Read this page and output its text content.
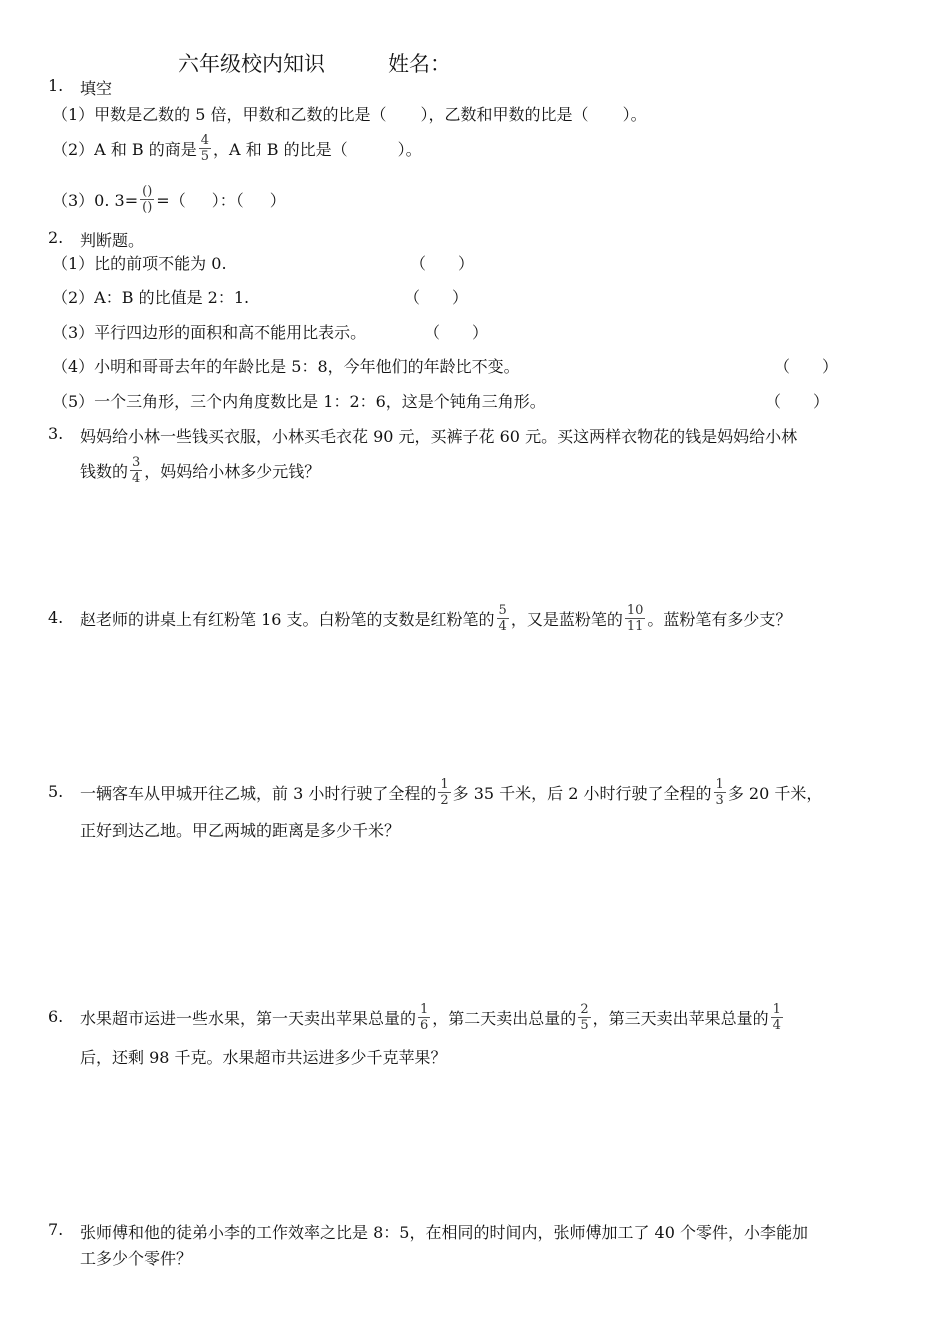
六年级校内知识	姓名：
1. 填空
（1）甲数是乙数的 5 倍，甲数和乙数的比是（ ），乙数和甲数的比是（ ）。
（2）A 和 B 的商是 4
5 ，A 和 B 的比是（	）。
（3）0. 3= ()
() =（ ）：（ ）
2. 判断题。
（1）比的前项不能为 0.	（　　）
（2）A：B 的比值是 2：1.	（　　）
（3）平行四边形的面积和高不能用比表示。	（　　）
（4）小明和哥哥去年的年龄比是 5：8，今年他们的年龄比不变。	（　　）
（5）一个三角形，三个内角度数比是 1：2：6，这是个钝角三角形。	（　　）
3. 妈妈给小林一些钱买衣服，小林买毛衣花 90 元，买裤子花 60 元。买这两样衣物花的钱是妈妈给小林
钱数的 3
4 ，妈妈给小林多少元钱？
4. 赵老师的讲桌上有红粉笔 16 支。白粉笔的支数是红粉笔的 5
4 ，又是蓝粉笔的 10
11 。蓝粉笔有多少支？
5. 一辆客车从甲城开往乙城，前 3 小时行驶了全程的 1
2 多 35 千米，后 2 小时行驶了全程的 1
3 多 20 千米，
正好到达乙地。甲乙两城的距离是多少千米？
6. 水果超市运进一些水果，第一天卖出苹果总量的 1
6 ，第二天卖出总量的 2
5 ，第三天卖出苹果总量的 1
4
后，还剩 98 千克。水果超市共运进多少千克苹果？
7. 张师傅和他的徒弟小李的工作效率之比是 8：5，在相同的时间内，张师傅加工了 40 个零件，小李能加
工多少个零件？
